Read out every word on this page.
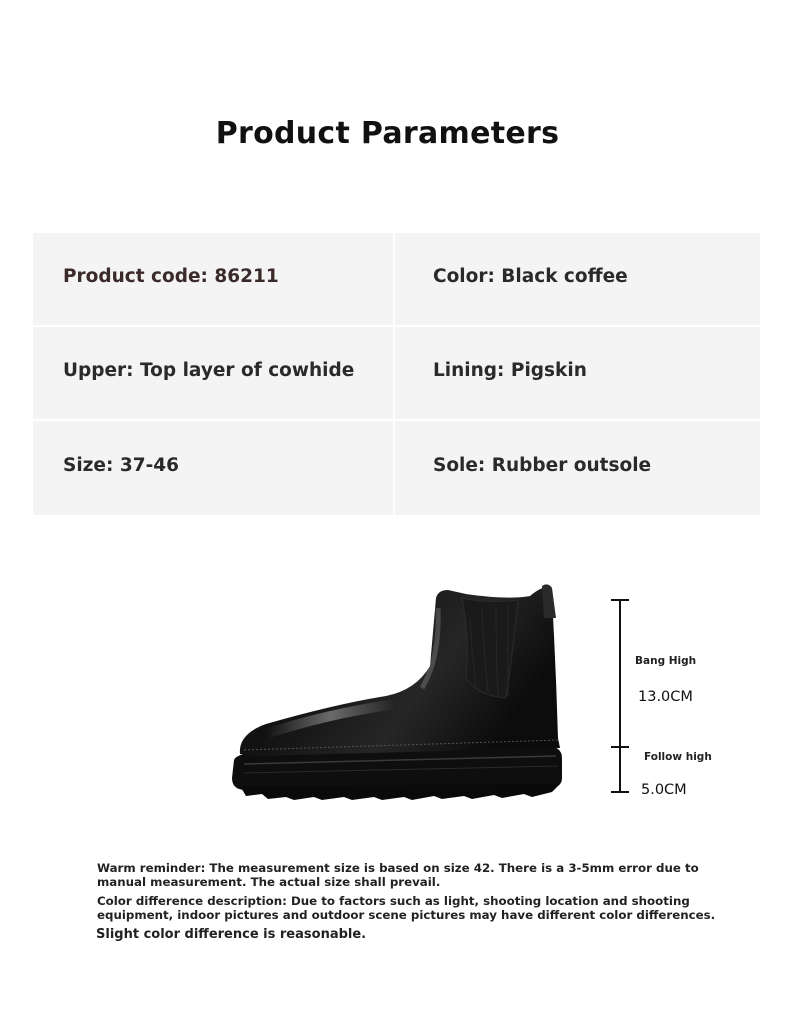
Product Parameters
Product code: 86211	Color: Black coffee
Upper: Top layer of cowhide	Lining: Pigskin
Size: 37-46	Sole: Rubber outsole
Bang High
13.0CM
Follow high
5.0CM

Warm reminder: The measurement size is based on size 42. There is a 3-5mm error due to manual measurement. The actual size shall prevail.

Color difference description: Due to factors such as light, shooting location and shooting equipment, indoor pictures and outdoor scene pictures may have different color differences.

Slight color difference is reasonable.
